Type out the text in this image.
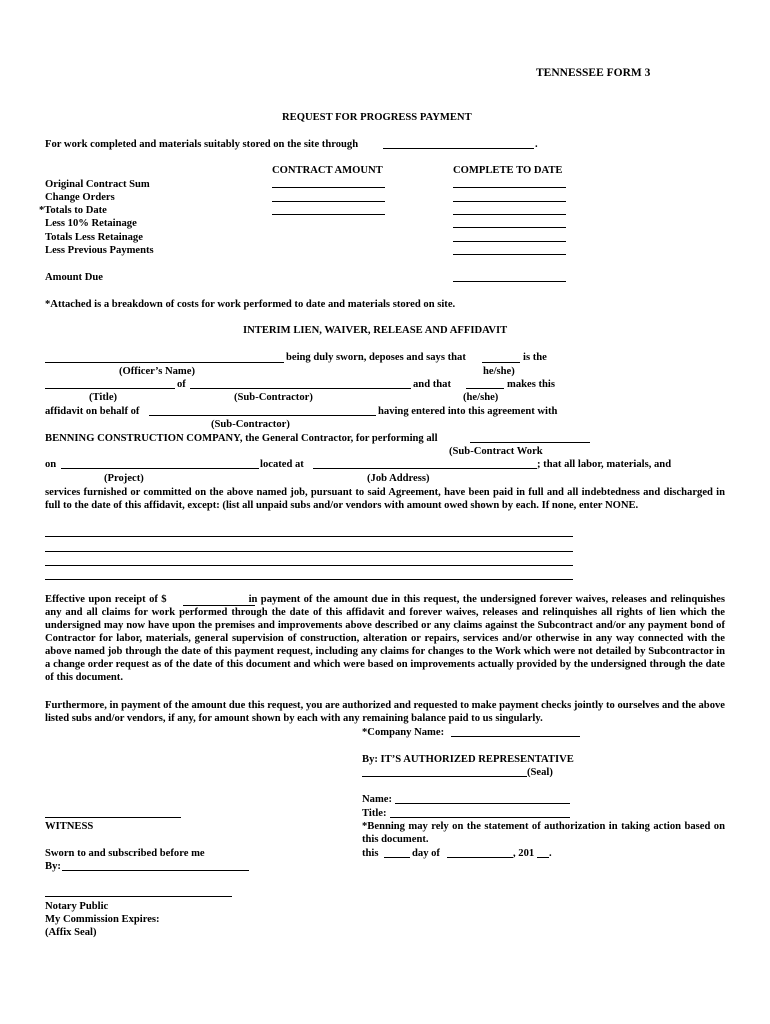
TENNESSEE FORM 3
REQUEST FOR PROGRESS PAYMENT
For work completed and materials suitably stored on the site through	.
CONTRACT AMOUNT	COMPLETE TO DATE
Original Contract Sum
Change Orders
*Totals to Date
Less 10% Retainage
Totals Less Retainage
Less Previous Payments
Amount Due
*Attached is a breakdown of costs for work performed to date and materials stored on site.
INTERIM LIEN, WAIVER, RELEASE AND AFFIDAVIT
being duly sworn, deposes and says that	is the
(Officer’s Name)	he/she)
of	and that	makes this
(Title)	(Sub-Contractor)	(he/she)
affidavit on behalf of	having entered into this agreement with
(Sub-Contractor)
BENNING CONSTRUCTION COMPANY, the General Contractor, for performing all
(Sub-Contract Work
on	located at	; that all labor, materials, and
(Project)	(Job Address)
services furnished or committed on the above named job, pursuant to said Agreement, have been paid in full and all indebtedness and discharged in full to the date of this affidavit, except: (list all unpaid subs and/or vendors with amount owed shown by each. If none, enter NONE.
Effective upon receipt of $	in payment of the amount due in this request, the undersigned forever waives, releases and relinquishes any and all claims for work performed through the date of this affidavit and forever waives, releases and relinquishes all rights of lien which the undersigned may now have upon the premises and improvements above described or any claims against the Subcontract and/or any payment bond of Contractor for labor, materials, general supervision of construction, alteration or repairs, services and/or otherwise in any way connected with the above named job through the date of this payment request, including any claims for changes to the Work which were not detailed by Subcontractor in a change order request as of the date of this document and which were based on improvements actually provided by the undersigned through the date of this document.
Furthermore, in payment of the amount due this request, you are authorized and requested to make payment checks jointly to ourselves and the above listed subs and/or vendors, if any, for amount shown by each with any remaining balance paid to us singularly.
*Company Name:
By: IT’S AUTHORIZED REPRESENTATIVE
(Seal)
Name:
Title:
*Benning may rely on the statement of authorization in taking action based on this document.
this	day of	, 201 .
WITNESS
Sworn to and subscribed before me
By:
Notary Public
My Commission Expires:
(Affix Seal)
